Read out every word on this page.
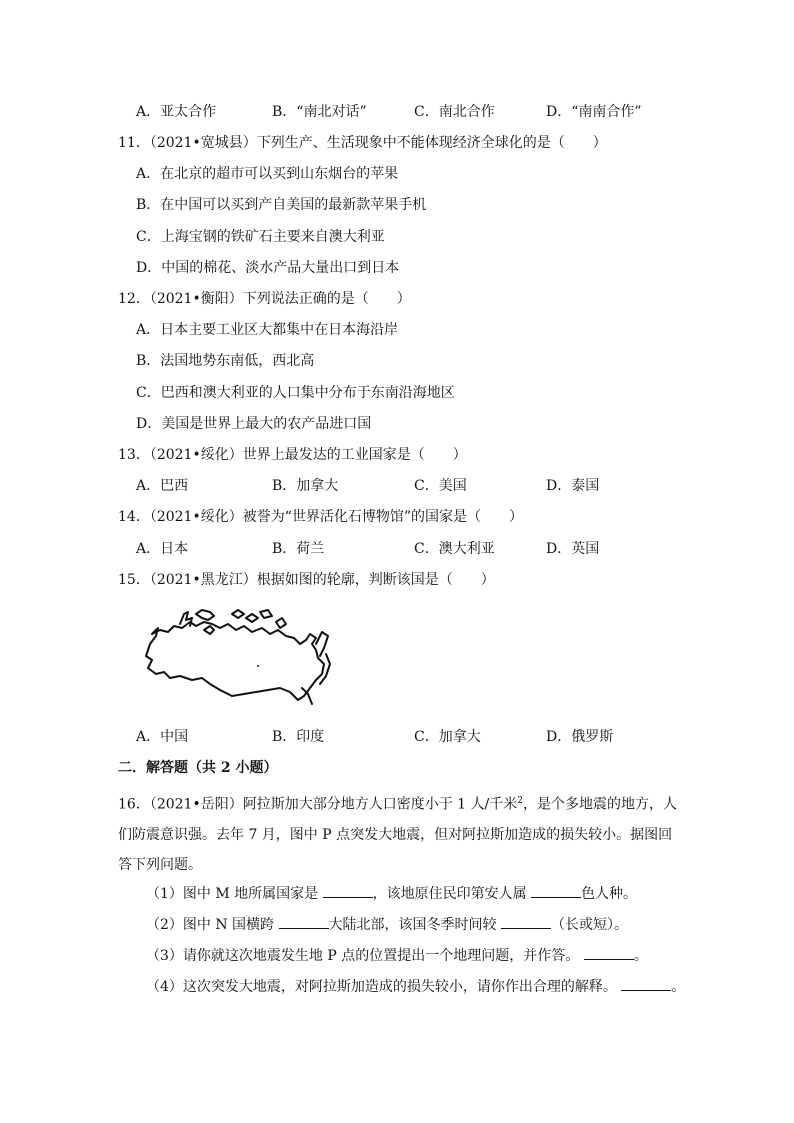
A．亚太合作	B．“南北对话”	C．南北合作	D．“南南合作”
11．（2021•宽城县）下列生产、生活现象中不能体现经济全球化的是（　　）
A．在北京的超市可以买到山东烟台的苹果
B．在中国可以买到产自美国的最新款苹果手机
C．上海宝钢的铁矿石主要来自澳大利亚
D．中国的棉花、淡水产品大量出口到日本
12．（2021•衡阳）下列说法正确的是（　　）
A．日本主要工业区大都集中在日本海沿岸
B．法国地势东南低，西北高
C．巴西和澳大利亚的人口集中分布于东南沿海地区
D．美国是世界上最大的农产品进口国
13．（2021•绥化）世界上最发达的工业国家是（　　）
A．巴西	B．加拿大	C．美国	D．泰国
14．（2021•绥化）被誉为“世界活化石博物馆”的国家是（　　）
A．日本	B．荷兰	C．澳大利亚	D．英国
15．（2021•黑龙江）根据如图的轮廓，判断该国是（　　）
A．中国	B．印度	C．加拿大	D．俄罗斯
二．解答题（共 2 小题）
16．（2021•岳阳）阿拉斯加大部分地方人口密度小于 1 人/千米$^2$，是个多地震的地方，人们防震意识强。去年 7 月，图中 P 点突发大地震，但对阿拉斯加造成的损失较小。据图回答下列问题。
（1）图中 M 地所属国家是	，该地原住民印第安人属	色人种。
（2）图中 N 国横跨	大陆北部，该国冬季时间较	（长或短）。
（3）请你就这次地震发生地 P 点的位置提出一个地理问题，并作答。	。
（4）这次突发大地震，对阿拉斯加造成的损失较小，请你作出合理的解释。	。
